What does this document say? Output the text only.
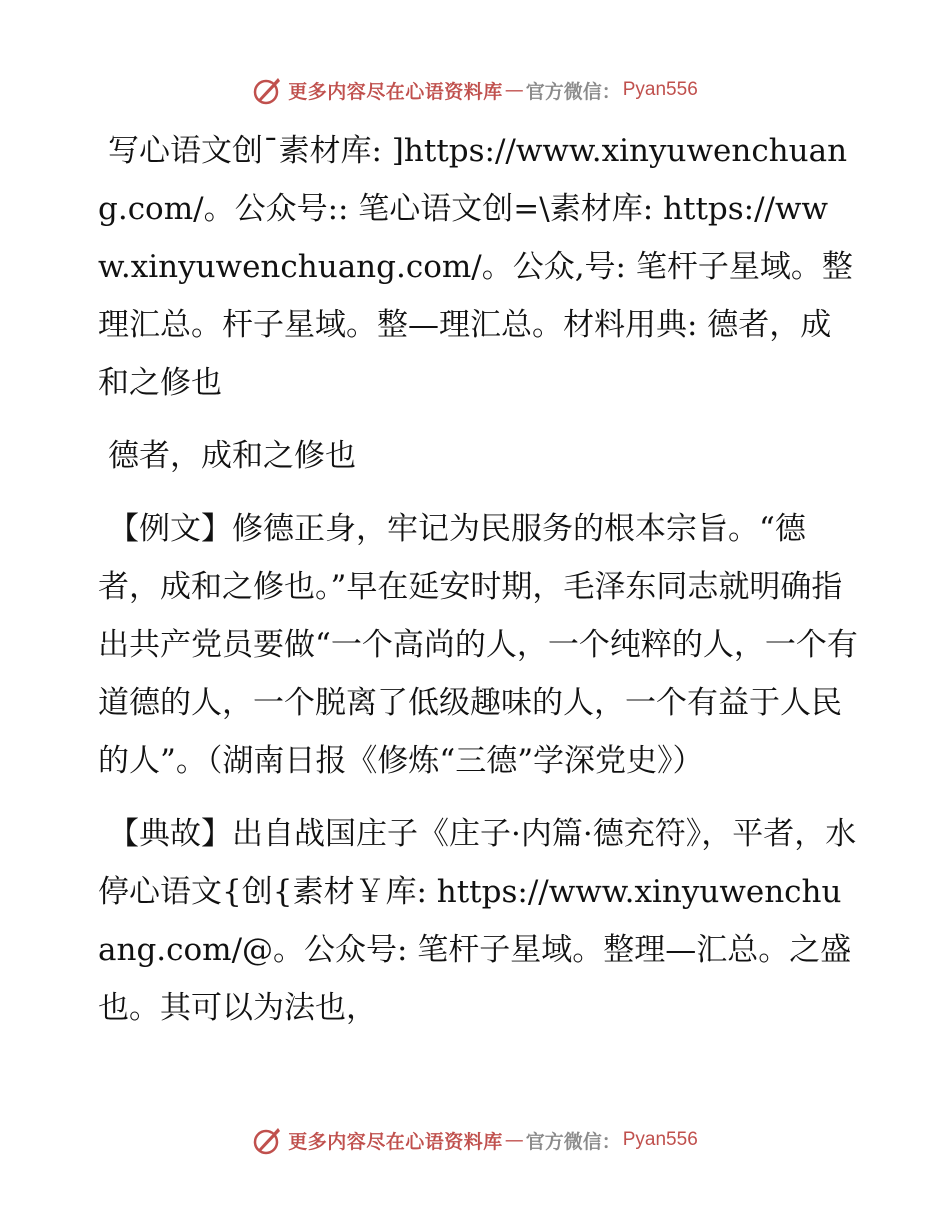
更多内容尽在心语资料库 — 官方微信： Pyan556

写心语文创¯素材库: ]https://www.xinyuwenchuang.com/。公众号:: 笔心语文创=\素材库: https://www.xinyuwenchuang.com/。公众,号: 笔杆子星域。整理汇总。杆子星域。整—理汇总。材料用典: 德者，成和之修也

德者，成和之修也

【例文】修德正身，牢记为民服务的根本宗旨。“德者，成和之修也。”早在延安时期，毛泽东同志就明确指出共产党员要做“一个高尚的人，一个纯粹的人，一个有道德的人，一个脱离了低级趣味的人，一个有益于人民的人”。（湖南日报《修炼“三德”学深党史》）

【典故】出自战国庄子《庄子·内篇·德充符》，平者，水停心语文{创{素材￥库: https://www.xinyuwenchuang.com/@。公众号: 笔杆子星域。整理—汇总。之盛也。其可以为法也，

更多内容尽在心语资料库 — 官方微信： Pyan556
